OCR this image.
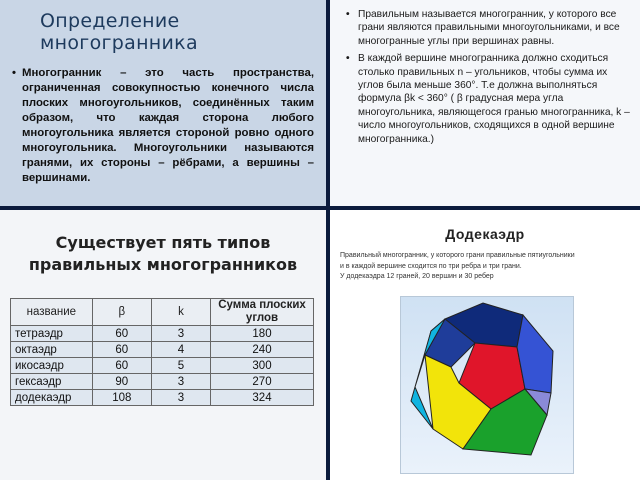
Определение многогранника
• Многогранник – это часть пространства, ограниченная совокупностью конечного числа плоских многоугольников, соединённых таким образом, что каждая сторона любого многоугольника является стороной ровно одного многоугольника. Многоугольники называются гранями, их стороны – рёбрами, а вершины – вершинами.
• Правильным называется многогранник, у которого все грани являются правильными многоугольниками, и все многогранные углы при вершинах равны.
• В каждой вершине многогранника должно сходиться столько правильных n – угольников, чтобы сумма их углов была меньше 360°. Т.е должна выполняться формула βk < 360° ( β градусная мера угла многоугольника, являющегося гранью многогранника, k – число многоугольников, сходящихся в одной вершине многогранника.)
Существует пять типов
правильных многогранников
название	β	k	Сумма плоских углов
тетраэдр	60	3	180
октаэдр	60	4	240
икосаэдр	60	5	300
гексаэдр	90	3	270
додекаэдр	108	3	324
Додекаэдр

Правильный многогранник, у которого грани правильные пятиугольники

и в каждой вершине сходится по три ребра и три грани.

У додекаэдра 12 граней, 20 вершин и 30 ребер
